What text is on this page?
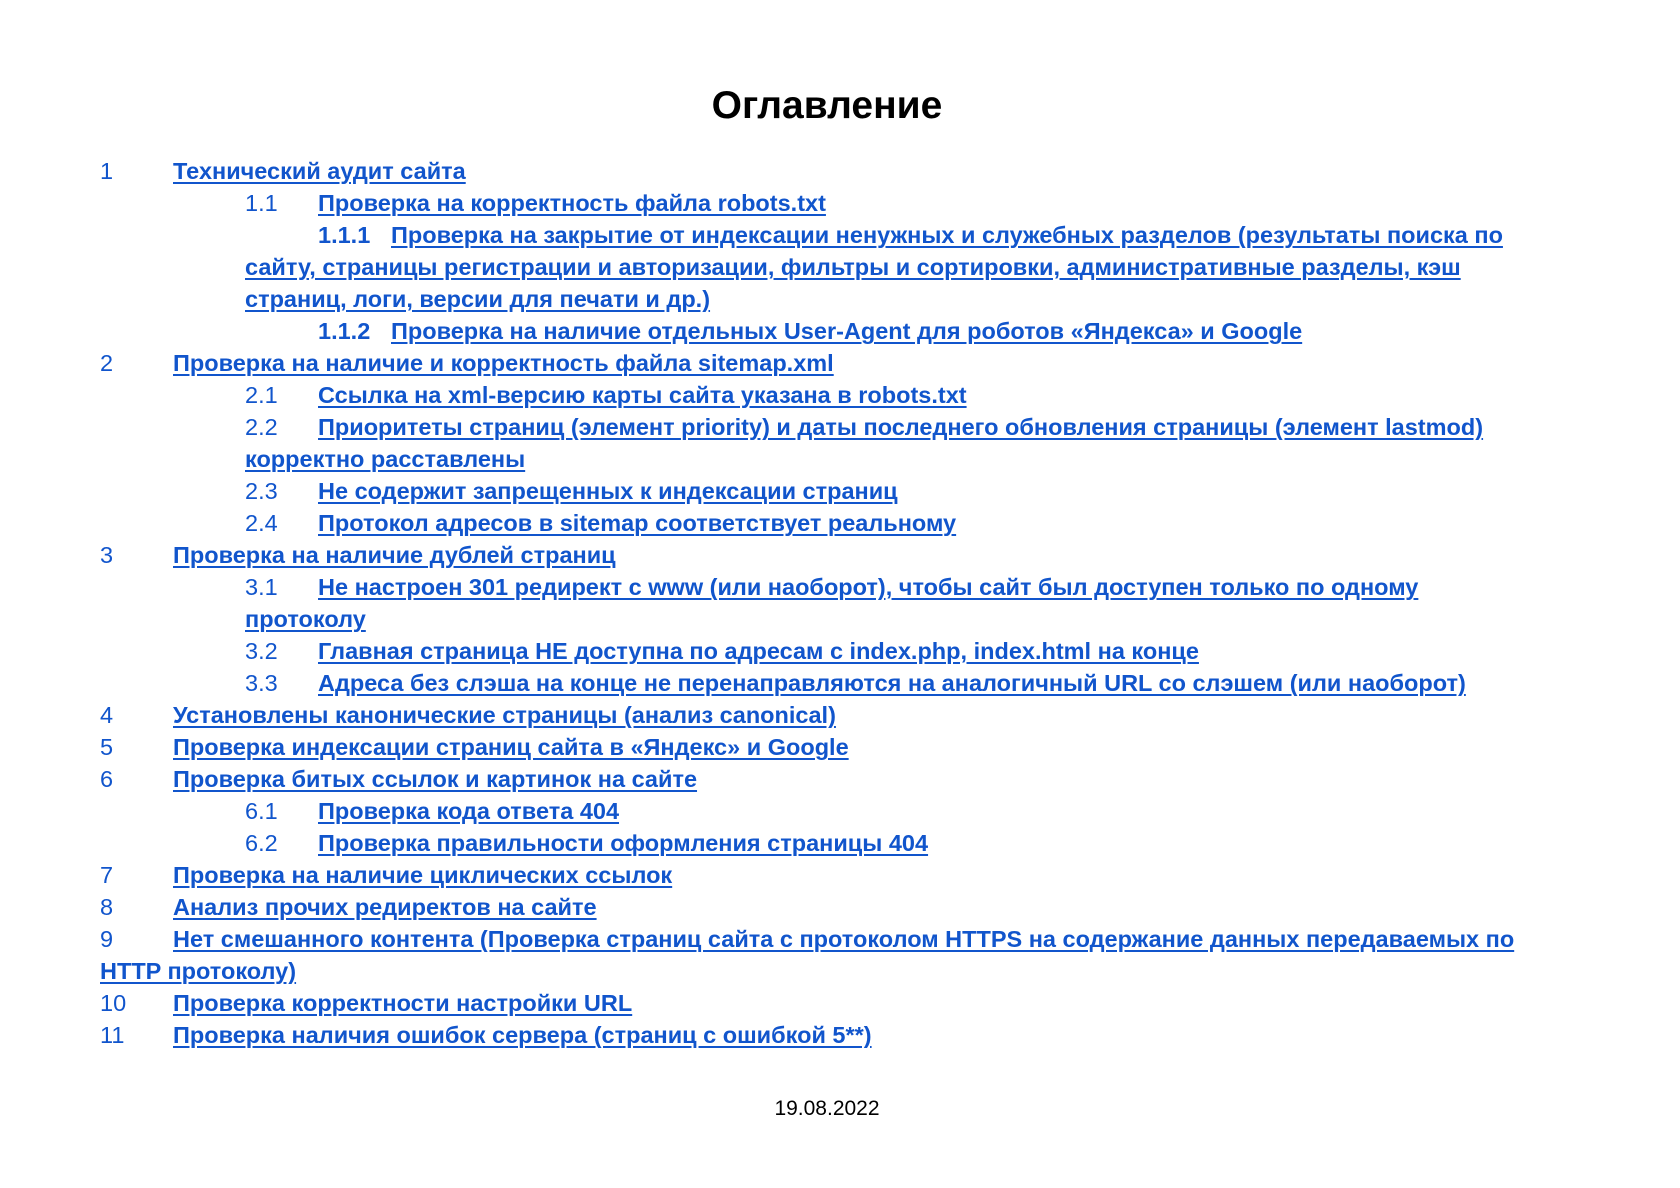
Оглавление
1	Технический аудит сайта
1.1 Проверка на корректность файла robots.txt
1.1.1 Проверка на закрытие от индексации ненужных и служебных разделов (результаты поиска по сайту, страницы регистрации и авторизации, фильтры и сортировки, административные разделы, кэш страниц, логи, версии для печати и др.)
1.1.2 Проверка на наличие отдельных User-Agent для роботов «Яндекса» и Google
2	Проверка на наличие и корректность файла sitemap.xml
2.1 Ссылка на xml-версию карты сайта указана в robots.txt
2.2 Приоритеты страниц (элемент priority) и даты последнего обновления страницы (элемент lastmod) корректно расставлены
2.3 Не содержит запрещенных к индексации страниц
2.4 Протокол адресов в sitemap соответствует реальному
3	Проверка на наличие дублей страниц
3.1 Не настроен 301 редирект с www (или наоборот), чтобы сайт был доступен только по одному протоколу
3.2 Главная страница НЕ доступна по адресам с index.php, index.html на конце
3.3 Адреса без слэша на конце не перенаправляются на аналогичный URL со слэшем (или наоборот)
4	Установлены канонические страницы (анализ canonical)
5	Проверка индексации страниц сайта в «Яндекс» и Google
6	Проверка битых ссылок и картинок на сайте
6.1 Проверка кода ответа 404
6.2 Проверка правильности оформления страницы 404
7	Проверка на наличие циклических ссылок
8	Анализ прочих редиректов на сайте
9	Нет смешанного контента (Проверка страниц сайта с протоколом HTTPS на содержание данных передаваемых по HTTP протоколу)
10 Проверка корректности настройки URL
11 Проверка наличия ошибок сервера (страниц с ошибкой 5**)
19.08.2022
